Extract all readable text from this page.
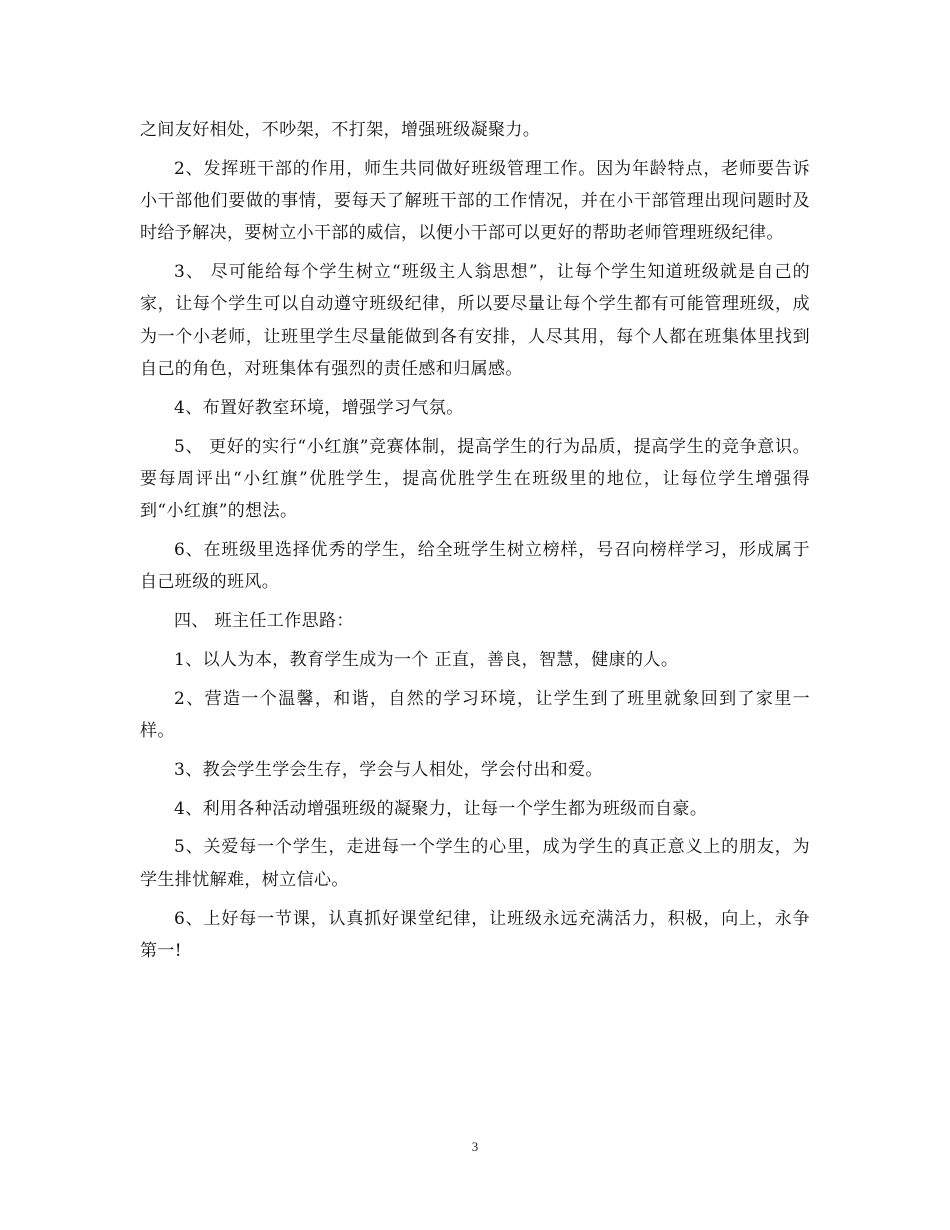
之间友好相处，不吵架，不打架，增强班级凝聚力。

2、发挥班干部的作用，师生共同做好班级管理工作。因为年龄特点，老师要告诉小干部他们要做的事情，要每天了解班干部的工作情况，并在小干部管理出现问题时及时给予解决，要树立小干部的威信，以便小干部可以更好的帮助老师管理班级纪律。

3、 尽可能给每个学生树立“班级主人翁思想”，让每个学生知道班级就是自己的家，让每个学生可以自动遵守班级纪律，所以要尽量让每个学生都有可能管理班级，成为一个小老师，让班里学生尽量能做到各有安排，人尽其用，每个人都在班集体里找到自己的角色，对班集体有强烈的责任感和归属感。

4、布置好教室环境，增强学习气氛。

5、 更好的实行“小红旗”竞赛体制，提高学生的行为品质，提高学生的竞争意识。要每周评出“小红旗”优胜学生，提高优胜学生在班级里的地位，让每位学生增强得到“小红旗”的想法。

6、在班级里选择优秀的学生，给全班学生树立榜样，号召向榜样学习，形成属于自己班级的班风。

四、 班主任工作思路：

1、以人为本，教育学生成为一个 正直，善良，智慧，健康的人。

2、营造一个温馨，和谐，自然的学习环境，让学生到了班里就象回到了家里一样。

3、教会学生学会生存，学会与人相处，学会付出和爱。

4、利用各种活动增强班级的凝聚力，让每一个学生都为班级而自豪。

5、关爱每一个学生，走进每一个学生的心里，成为学生的真正意义上的朋友，为学生排忧解难，树立信心。

6、上好每一节课，认真抓好课堂纪律，让班级永远充满活力，积极，向上，永争第一!

3
